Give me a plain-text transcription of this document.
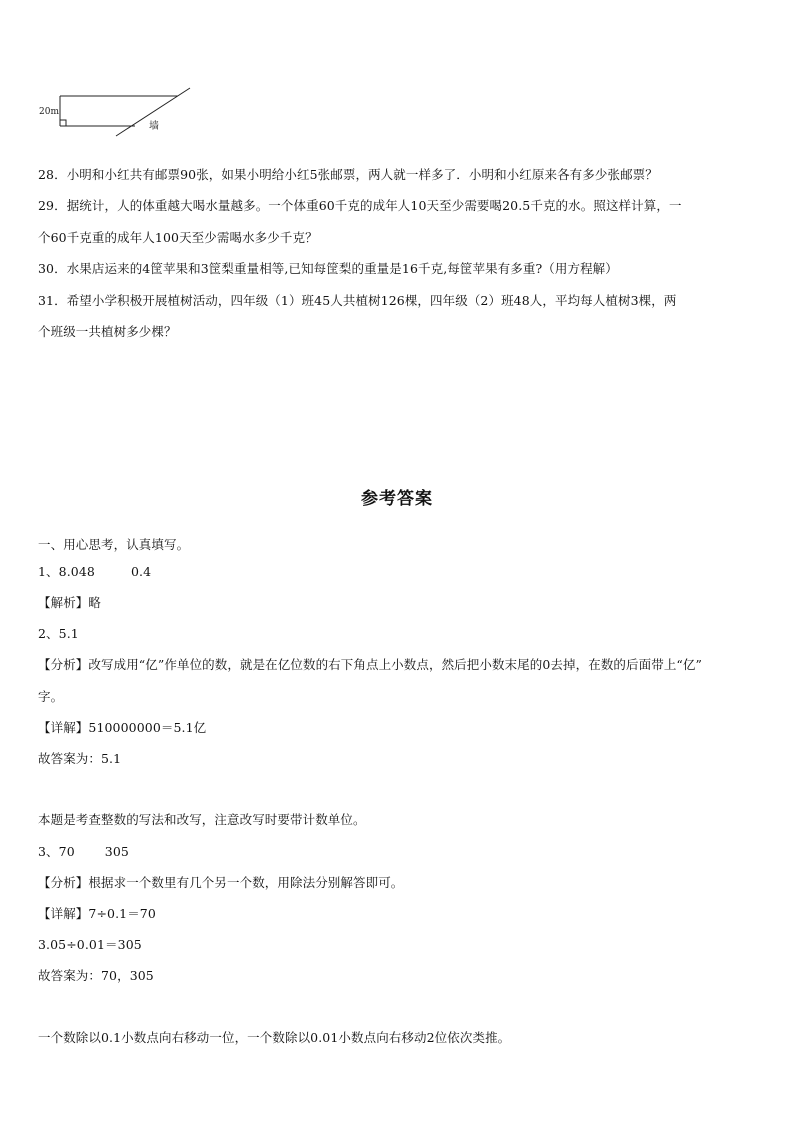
20m
墙
28．小明和小红共有邮票90张，如果小明给小红5张邮票，两人就一样多了．小明和小红原来各有多少张邮票？
29．据统计，人的体重越大喝水量越多。一个体重60千克的成年人10天至少需要喝20.5千克的水。照这样计算，一
个60千克重的成年人100天至少需喝水多少千克？
30．水果店运来的4筐苹果和3筐梨重量相等,已知每筐梨的重量是16千克,每筐苹果有多重?（用方程解）
31．希望小学积极开展植树活动，四年级（1）班45人共植树126棵，四年级（2）班48人，平均每人植树3棵，两
个班级一共植树多少棵？
参考答案
一、用心思考，认真填写。
1、8.048	0.4
【解析】略
2、5.1
【分析】改写成用“亿”作单位的数，就是在亿位数的右下角点上小数点，然后把小数末尾的0去掉，在数的后面带上“亿”
字。
【详解】510000000＝5.1亿
故答案为：5.1
本题是考查整数的写法和改写，注意改写时要带计数单位。
3、70 305
【分析】根据求一个数里有几个另一个数，用除法分别解答即可。
【详解】7÷0.1＝70
3.05÷0.01＝305
故答案为：70，305
一个数除以0.1小数点向右移动一位，一个数除以0.01小数点向右移动2位依次类推。
